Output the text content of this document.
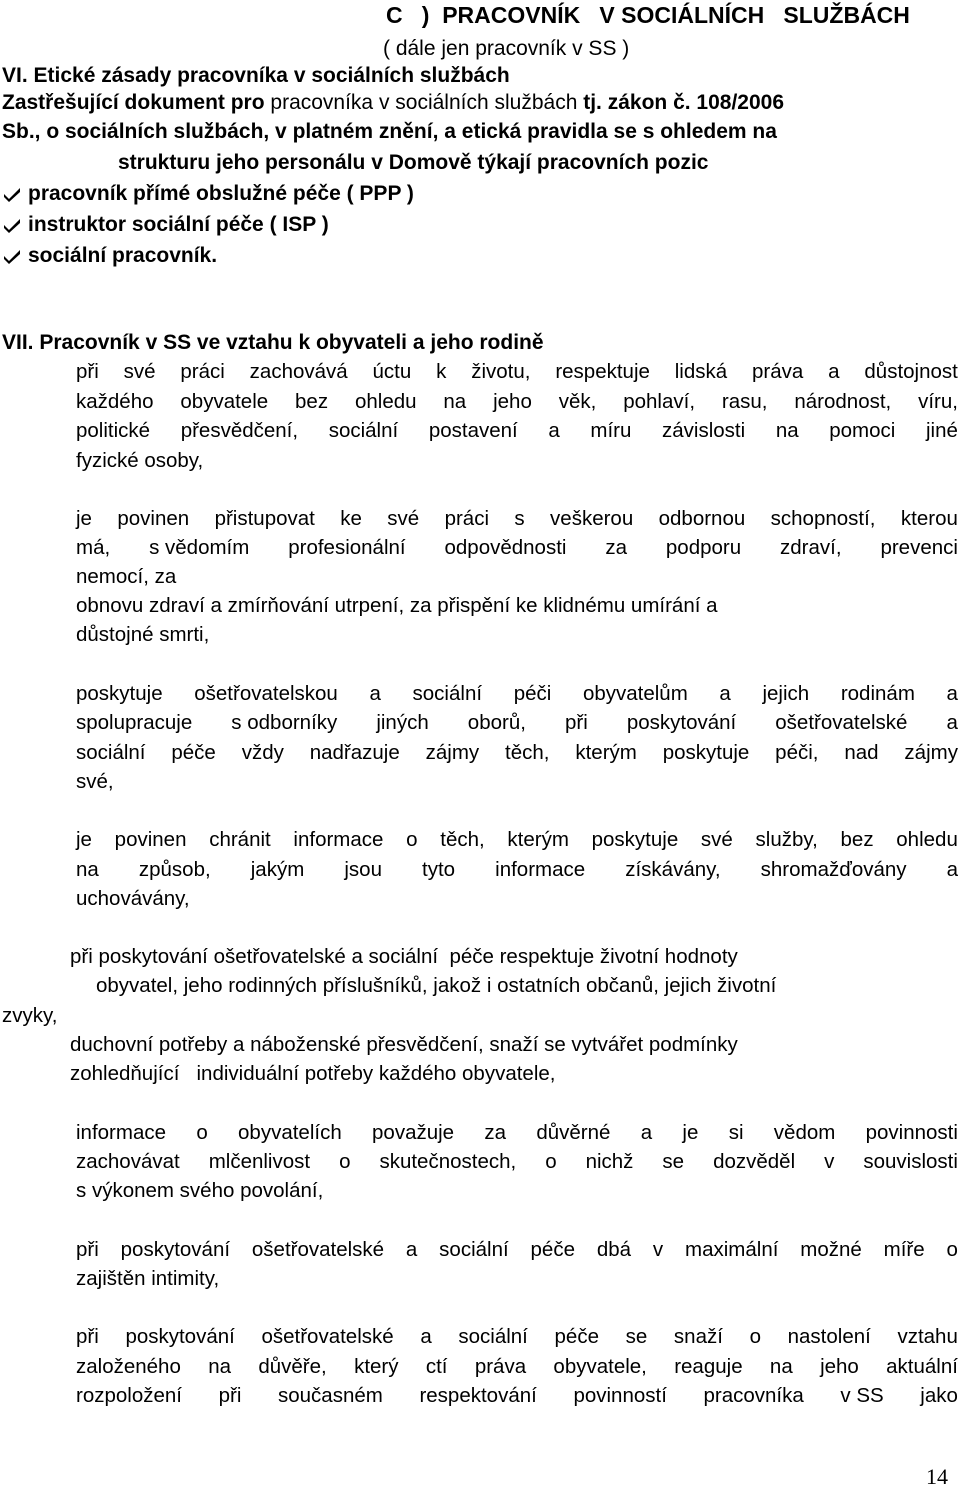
C   )  PRACOVNÍK   V SOCIÁLNÍCH   SLUŽBÁCH
( dále jen pracovník v SS )
VI. Etické zásady pracovníka v sociálních službách
Zastřešující dokument pro pracovníka v sociálních službách tj. zákon č. 108/2006
Sb., o sociálních službách, v platném znění, a etická pravidla se s ohledem na
strukturu jeho personálu v Domově týkají pracovních pozic
pracovník přímé obslužné péče ( PPP )
instruktor sociální péče ( ISP )
sociální pracovník.
VII. Pracovník v SS ve vztahu k obyvateli a jeho rodině
při své práci zachovává úctu k životu, respektuje lidská práva a důstojnost
každého obyvatele bez ohledu na jeho věk, pohlaví, rasu, národnost, víru,
politické přesvědčení, sociální postavení a míru závislosti na pomoci jiné
fyzické osoby,
je povinen přistupovat ke své práci s veškerou odbornou schopností, kterou
má, s vědomím profesionální odpovědnosti za podporu zdraví, prevenci
nemocí, za
obnovu zdraví a zmírňování utrpení, za přispění ke klidnému umírání a
důstojné smrti,
poskytuje ošetřovatelskou a sociální péči obyvatelům a jejich rodinám a
spolupracuje s odborníky jiných oborů, při poskytování ošetřovatelské a
sociální péče vždy nadřazuje zájmy těch, kterým poskytuje péči, nad zájmy
své,
je povinen chránit informace o těch, kterým poskytuje své služby, bez ohledu
na způsob, jakým jsou tyto informace získávány, shromažďovány a
uchovávány,
při poskytování ošetřovatelské a sociální  péče respektuje životní hodnoty
obyvatel, jeho rodinných příslušníků, jakož i ostatních občanů, jejich životní
zvyky,
duchovní potřeby a náboženské přesvědčení, snaží se vytvářet podmínky
zohledňující   individuální potřeby každého obyvatele,
informace o obyvatelích považuje za důvěrné a je si vědom povinnosti
zachovávat mlčenlivost o skutečnostech, o nichž se dozvěděl v souvislosti
s výkonem svého povolání,
při poskytování ošetřovatelské a sociální péče dbá v maximální možné míře o
zajištěn intimity,
při poskytování ošetřovatelské a sociální péče se snaží o nastolení vztahu
založeného na důvěře, který ctí práva obyvatele, reaguje na jeho aktuální
rozpoložení při současném respektování povinností pracovníka v SS jako
14
